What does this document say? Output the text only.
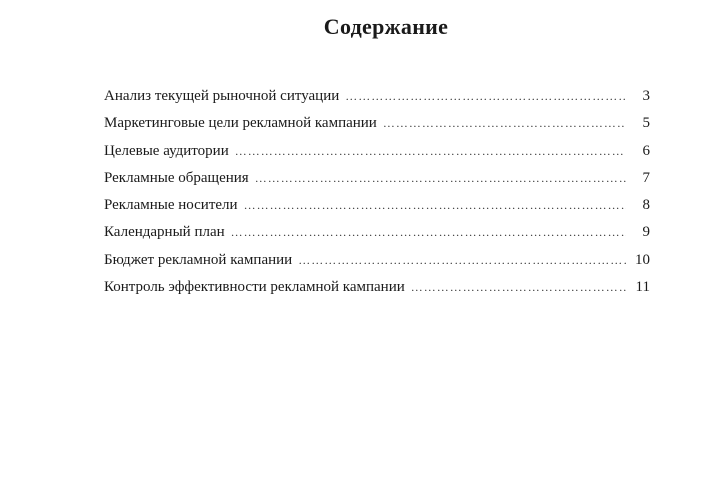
Содержание
Анализ текущей рыночной ситуации …………………………………………………………………………………………………………………………………………	3
Маркетинговые цели рекламной кампании …………………………………………………………………………………………………………………………………………	5
Целевые аудитории …………………………………………………………………………………………………………………………………………	6
Рекламные обращения …………………………………………………………………………………………………………………………………………	7
Рекламные носители …………………………………………………………………………………………………………………………………………	8
Календарный план …………………………………………………………………………………………………………………………………………	9
Бюджет рекламной кампании …………………………………………………………………………………………………………………………………………	10
Контроль эффективности рекламной кампании …………………………………………………………………………………………………………………………………………	11
